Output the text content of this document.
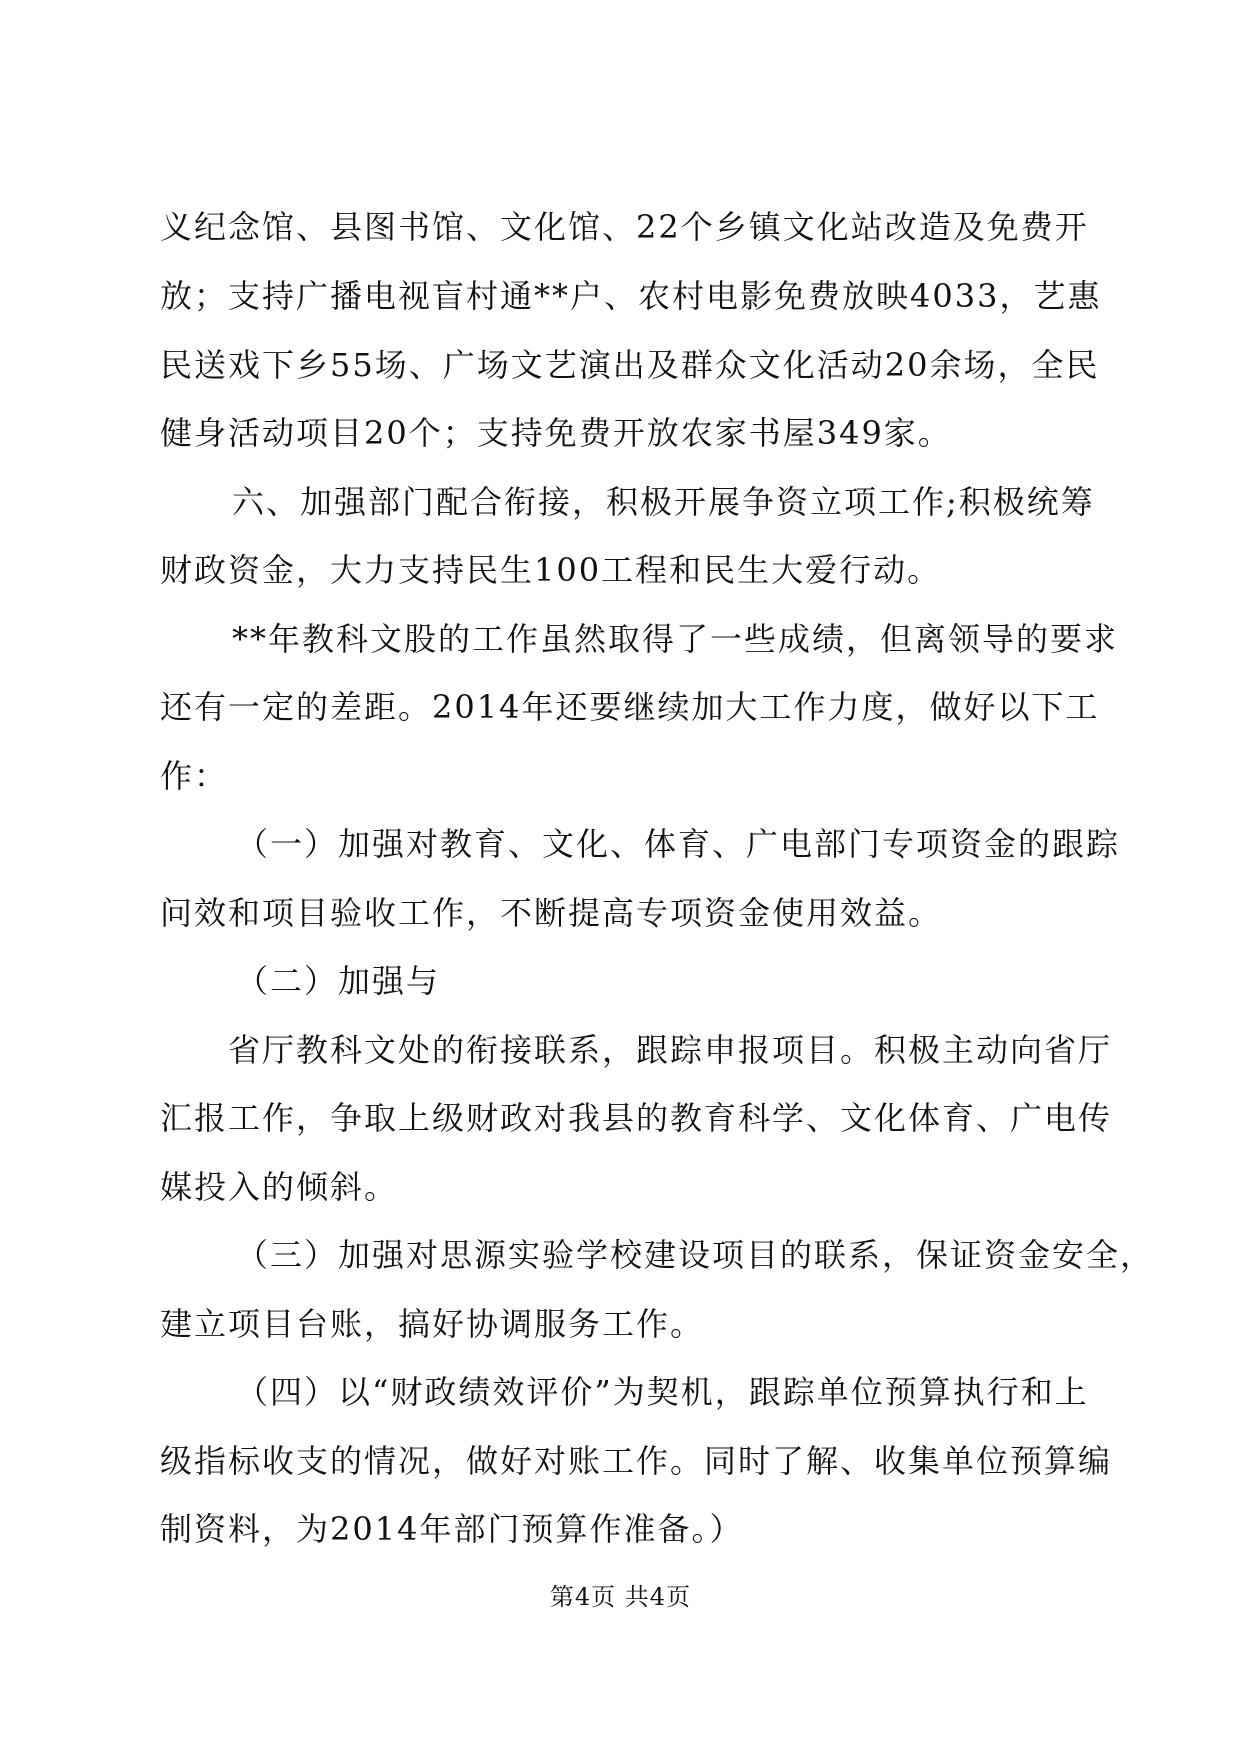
义纪念馆、县图书馆、文化馆、22个乡镇文化站改造及免费开
放；支持广播电视盲村通**户、农村电影免费放映4033，艺惠
民送戏下乡55场、广场文艺演出及群众文化活动20余场，全民
健身活动项目20个；支持免费开放农家书屋349家。
六、加强部门配合衔接，积极开展争资立项工作;积极统筹
财政资金，大力支持民生100工程和民生大爱行动。
**年教科文股的工作虽然取得了一些成绩，但离领导的要求
还有一定的差距。2014年还要继续加大工作力度，做好以下工
作：
（一）加强对教育、文化、体育、广电部门专项资金的跟踪
问效和项目验收工作，不断提高专项资金使用效益。
（二）加强与
省厅教科文处的衔接联系，跟踪申报项目。积极主动向省厅
汇报工作，争取上级财政对我县的教育科学、文化体育、广电传
媒投入的倾斜。
（三）加强对思源实验学校建设项目的联系，保证资金安全，
建立项目台账，搞好协调服务工作。
（四）以“财政绩效评价”为契机，跟踪单位预算执行和上
级指标收支的情况，做好对账工作。同时了解、收集单位预算编
制资料，为2014年部门预算作准备。）
第4页 共4页
